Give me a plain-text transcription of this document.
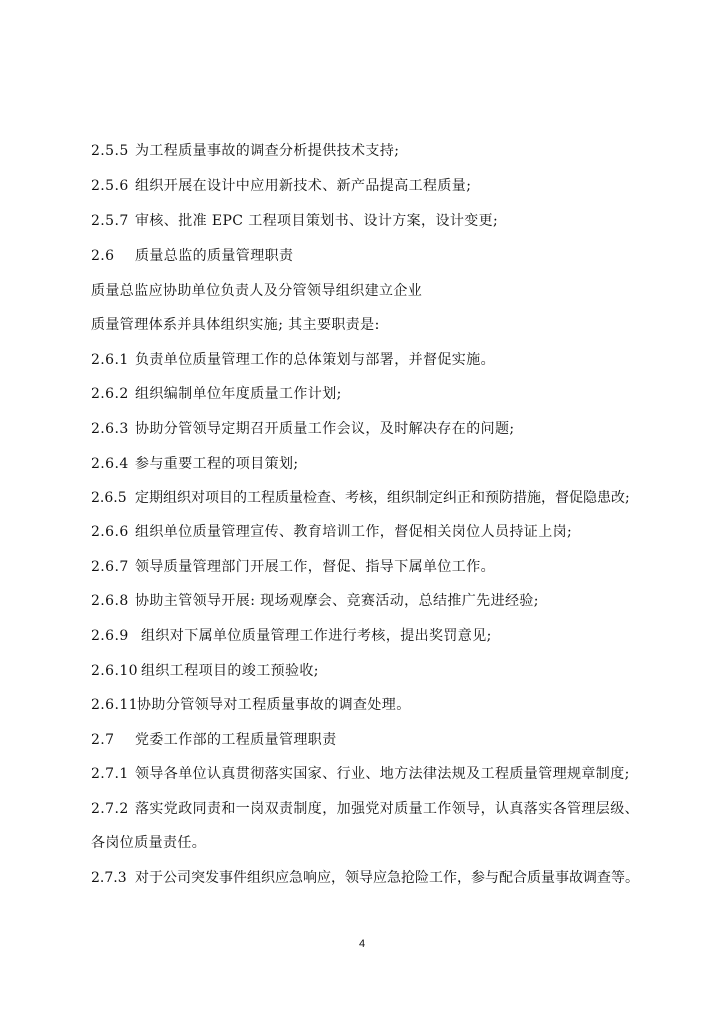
2.5.5 为工程质量事故的调查分析提供技术支持;
2.5.6 组织开展在设计中应用新技术、新产品提高工程质量;
2.5.7 审核、批准 EPC 工程项目策划书、设计方案，设计变更;
2.6 质量总监的质量管理职责
质量总监应协助单位负责人及分管领导组织建立企业
质量管理体系并具体组织实施; 其主要职责是:
2.6.1 负责单位质量管理工作的总体策划与部署，并督促实施。
2.6.2 组织编制单位年度质量工作计划;
2.6.3 协助分管领导定期召开质量工作会议，及时解决存在的问题;
2.6.4 参与重要工程的项目策划;
2.6.5 定期组织对项目的工程质量检查、考核，组织制定纠正和预防措施，督促隐患改;
2.6.6 组织单位质量管理宣传、教育培训工作，督促相关岗位人员持证上岗;
2.6.7 领导质量管理部门开展工作，督促、指导下属单位工作。
2.6.8 协助主管领导开展: 现场观摩会、竞赛活动，总结推广先进经验;
2.6.9 组织对下属单位质量管理工作进行考核，提出奖罚意见;
2.6.10 组织工程项目的竣工预验收;
2.6.11协助分管领导对工程质量事故的调查处理。
2.7 党委工作部的工程质量管理职责
2.7.1 领导各单位认真贯彻落实国家、行业、地方法律法规及工程质量管理规章制度;
2.7.2 落实党政同责和一岗双责制度，加强党对质量工作领导，认真落实各管理层级、
各岗位质量责任。
2.7.3 对于公司突发事件组织应急响应，领导应急抢险工作，参与配合质量事故调查等。
4
